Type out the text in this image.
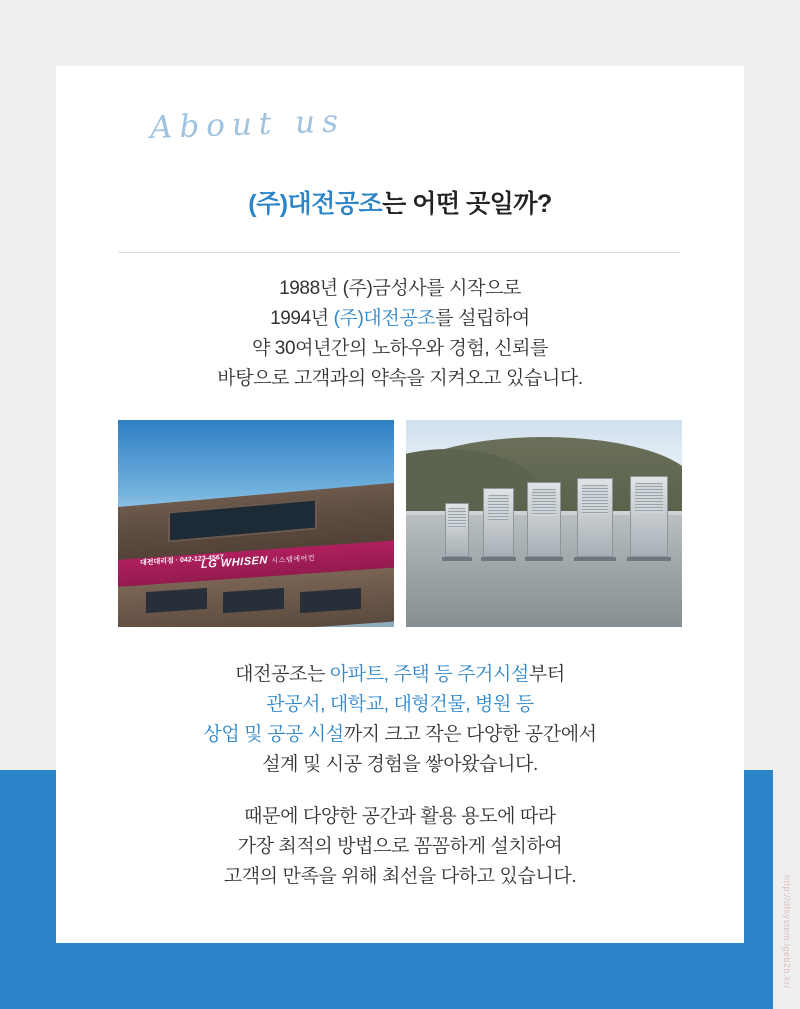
About us
(주)대전공조는 어떤 곳일까?
1988년 (주)금성사를 시작으로
1994년 (주)대전공조를 설립하여
약 30여년간의 노하우와 경험, 신뢰를
바탕으로 고객과의 약속을 지켜오고 있습니다.
대전대리점 · 042-123-4567
LG WHISEN 시스템에어컨
대전공조는 아파트, 주택 등 주거시설부터
관공서, 대학교, 대형건물, 병원 등
상업 및 공공 시설까지 크고 작은 다양한 공간에서
설계 및 시공 경험을 쌓아왔습니다.
때문에 다양한 공간과 활용 용도에 따라
가장 최적의 방법으로 꼼꼼하게 설치하여
고객의 만족을 위해 최선을 다하고 있습니다.	http://dfsystem.lgeb2b.kr/
